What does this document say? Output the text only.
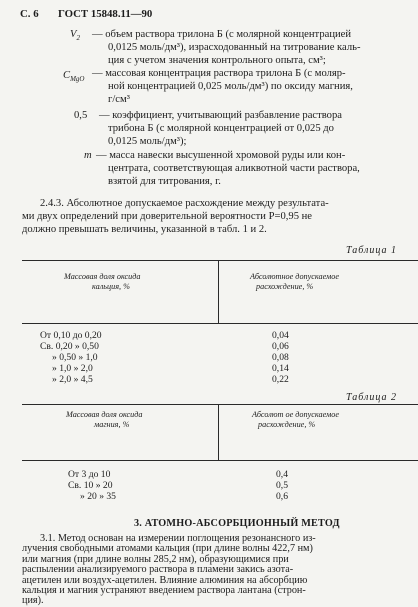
С. 6 ГОСТ 15848.11—90
$V_2$ — объем раствора трилона Б (с молярной концентрацией
0,0125 моль/дм³), израсходованный на титрование каль-
ция с учетом значения контрольного опыта, см³;
$C_{MgO}$
— массовая концентрация раствора трилона Б (с моляр-
ной концентрацией 0,025 моль/дм³) по оксиду магния,
г/см³
0,5 — коэффициент, учитывающий разбавление раствора
трибона Б (с молярной концентрацией от 0,025 до
0,0125 моль/дм³);
m — масса навески высушенной хромовой руды или кон-
центрата, соответствующая аликвотной части раствора,
взятой для титрования, г.
2.4.3. Абсолютное допускаемое расхождение между результата-
ми двух определений при доверительной вероятности P=0,95 не
должно превышать величины, указанной в табл. 1 и 2.
Таблица 1
Массовая доля оксида
кальция, %
Абсолютное допускаемое
расхождение, %
От 0,10 до 0,20	0,04
Св. 0,20 » 0,50	0,06
» 0,50 » 1,0	0,08
» 1,0 » 2,0	0,14
» 2,0 » 4,5	0,22
Таблица 2
Массовая доля оксида
магния, %
Абсолют ое допускаемое
расхождение, %
От 3 до 10	0,4
Св. 10 » 20	0,5
» 20 » 35	0,6
3. АТОМНО-АБСОРБЦИОННЫЙ МЕТОД
3.1. Метод основан на измерении поглощения резонансного из-
лучения свободными атомами кальция (при длине волны 422,7 нм)
или магния (при длине волны 285,2 нм), образующимися при
распылении анализируемого раствора в пламени закись азота-
ацетилен или воздух-ацетилен. Влияние алюминия на абсорбцию
кальция и магния устраняют введением раствора лантана (строн-
ция).
